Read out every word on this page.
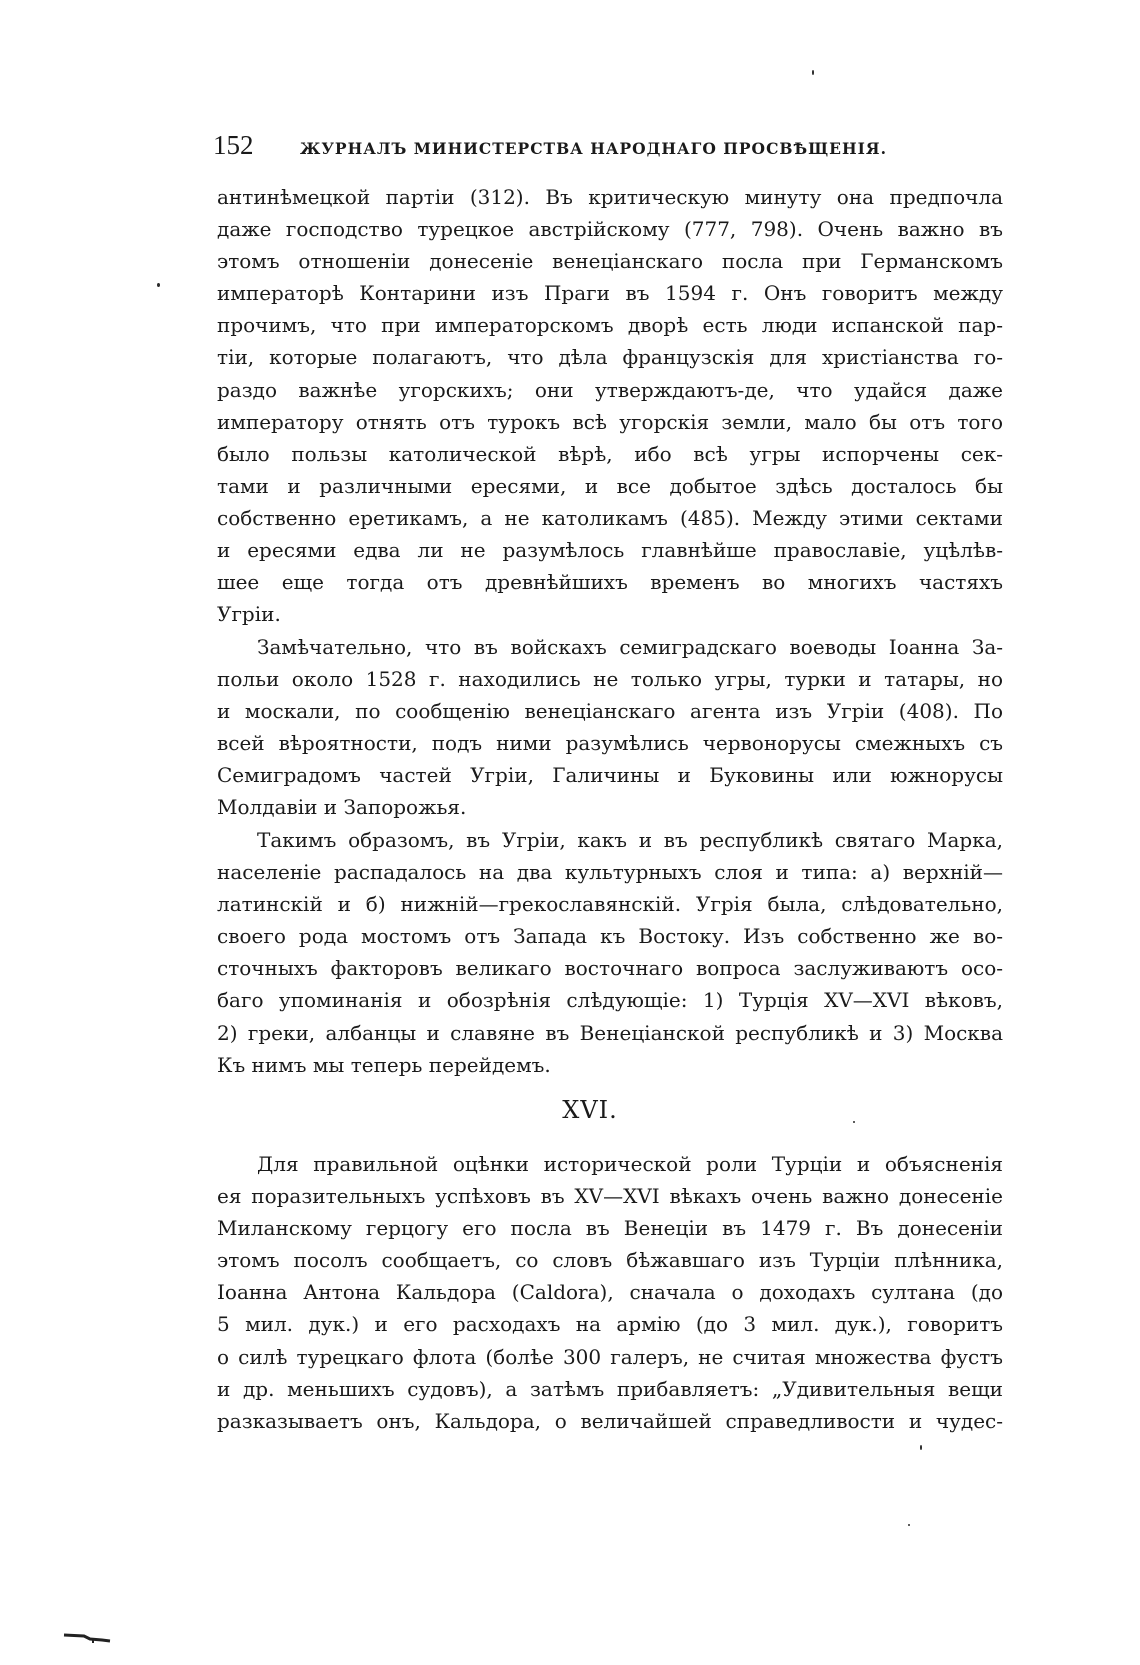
152	ЖУРНАЛЪ МИНИСТЕРСТВА НАРОДНАГО ПРОСВѢЩЕНІЯ.
антинѣмецкой партіи (312). Въ критическую минуту она предпочла
даже господство турецкое австрійскому (777, 798). Очень важно въ
этомъ отношеніи донесеніе венеціанскаго посла при Германскомъ
императорѣ Контарини изъ Праги въ 1594 г. Онъ говоритъ между
прочимъ, что при императорскомъ дворѣ есть люди испанской пар-
тіи, которые полагаютъ, что дѣла французскія для христіанства го-
раздо важнѣе угорскихъ; они утверждаютъ-де, что удайся даже
императору отнять отъ турокъ всѣ угорскія земли, мало бы отъ того
было пользы католической вѣрѣ, ибо всѣ угры испорчены сек-
тами и различными ересями, и все добытое здѣсь досталось бы
собственно еретикамъ, а не католикамъ (485). Между этими сектами
и ересями едва ли не разумѣлось главнѣйше православіе, уцѣлѣв-
шее еще тогда отъ древнѣйшихъ временъ во многихъ частяхъ
Угріи.
Замѣчательно, что въ войскахъ семиградскаго воеводы Іоанна За-
польи около 1528 г. находились не только угры, турки и татары, но
и москали, по сообщенію венеціанскаго агента изъ Угріи (408). По
всей вѣроятности, подъ ними разумѣлись червонорусы смежныхъ съ
Семиградомъ частей Угріи, Галичины и Буковины или южнорусы
Молдавіи и Запорожья.
Такимъ образомъ, въ Угріи, какъ и въ республикѣ святаго Марка,
населеніе распадалось на два культурныхъ слоя и типа: а) верхній—
латинскій и б) нижній—грекославянскій. Угрія была, слѣдовательно,
своего рода мостомъ отъ Запада къ Востоку. Изъ собственно же во-
сточныхъ факторовъ великаго восточнаго вопроса заслуживаютъ осо-
баго упоминанія и обозрѣнія слѣдующіе: 1) Турція XV—XVI вѣковъ,
2) греки, албанцы и славяне въ Венеціанской республикѣ и 3) Москва
Къ нимъ мы теперь перейдемъ.
XVI.
Для правильной оцѣнки исторической роли Турціи и объясненія
ея поразительныхъ успѣховъ въ XV—XVI вѣкахъ очень важно донесеніе
Миланскому герцогу его посла въ Венеціи въ 1479 г. Въ донесеніи
этомъ посолъ сообщаетъ, со словъ бѣжавшаго изъ Турціи плѣнника,
Іоанна Антона Кальдора (Caldora), сначала о доходахъ султана (до
5 мил. дук.) и его расходахъ на армію (до 3 мил. дук.), говоритъ
о силѣ турецкаго флота (болѣе 300 галеръ, не считая множества фустъ
и др. меньшихъ судовъ), а затѣмъ прибавляетъ: „Удивительныя вещи
разказываетъ онъ, Кальдора, о величайшей справедливости и чудес-
